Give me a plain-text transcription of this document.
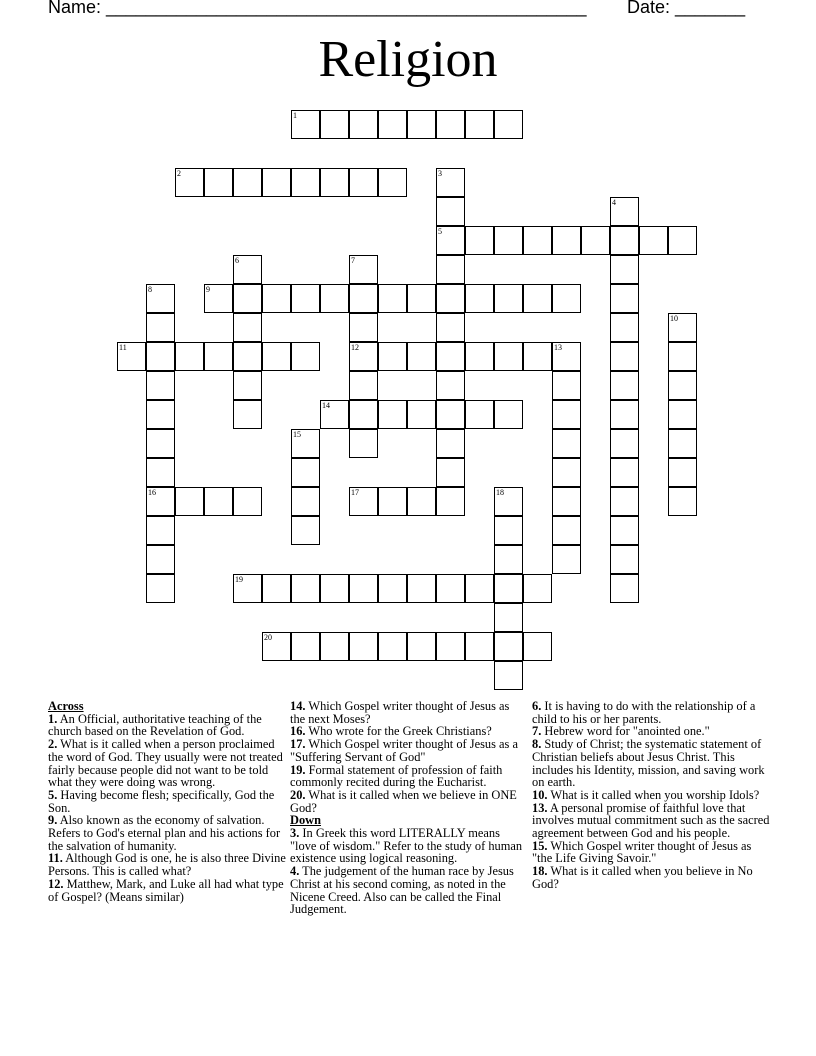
Name: ________________________________________________ Date: _______
Religion
1
2	3
5
4
6	7
12
8
16
9
10
11	13
14
15
17	18
19
20
Across
1. An Official, authoritative teaching of the church based on the Revelation of God.
2. What is it called when a person proclaimed the word of God. They usually were not treated fairly because people did not want to be told what they were doing was wrong.
5. Having become flesh; specifically, God the Son.
9. Also known as the economy of salvation. Refers to God's eternal plan and his actions for the salvation of humanity.
11. Although God is one, he is also three Divine Persons. This is called what?
12. Matthew, Mark, and Luke all had what type of Gospel? (Means similar)
14. Which Gospel writer thought of Jesus as the next Moses?
16. Who wrote for the Greek Christians?
17. Which Gospel writer thought of Jesus as a "Suffering Servant of God"
19. Formal statement of profession of faith commonly recited during the Eucharist.
20. What is it called when we believe in ONE God?
Down
3. In Greek this word LITERALLY means "love of wisdom." Refer to the study of human existence using logical reasoning.
4. The judgement of the human race by Jesus Christ at his second coming, as noted in the Nicene Creed. Also can be called the Final Judgement.
6. It is having to do with the relationship of a child to his or her parents.
7. Hebrew word for "anointed one."
8. Study of Christ; the systematic statement of Christian beliefs about Jesus Christ. This includes his Identity, mission, and saving work on earth.
10. What is it called when you worship Idols?
13. A personal promise of faithful love that involves mutual commitment such as the sacred agreement between God and his people.
15. Which Gospel writer thought of Jesus as "the Life Giving Savoir."
18. What is it called when you believe in No God?
